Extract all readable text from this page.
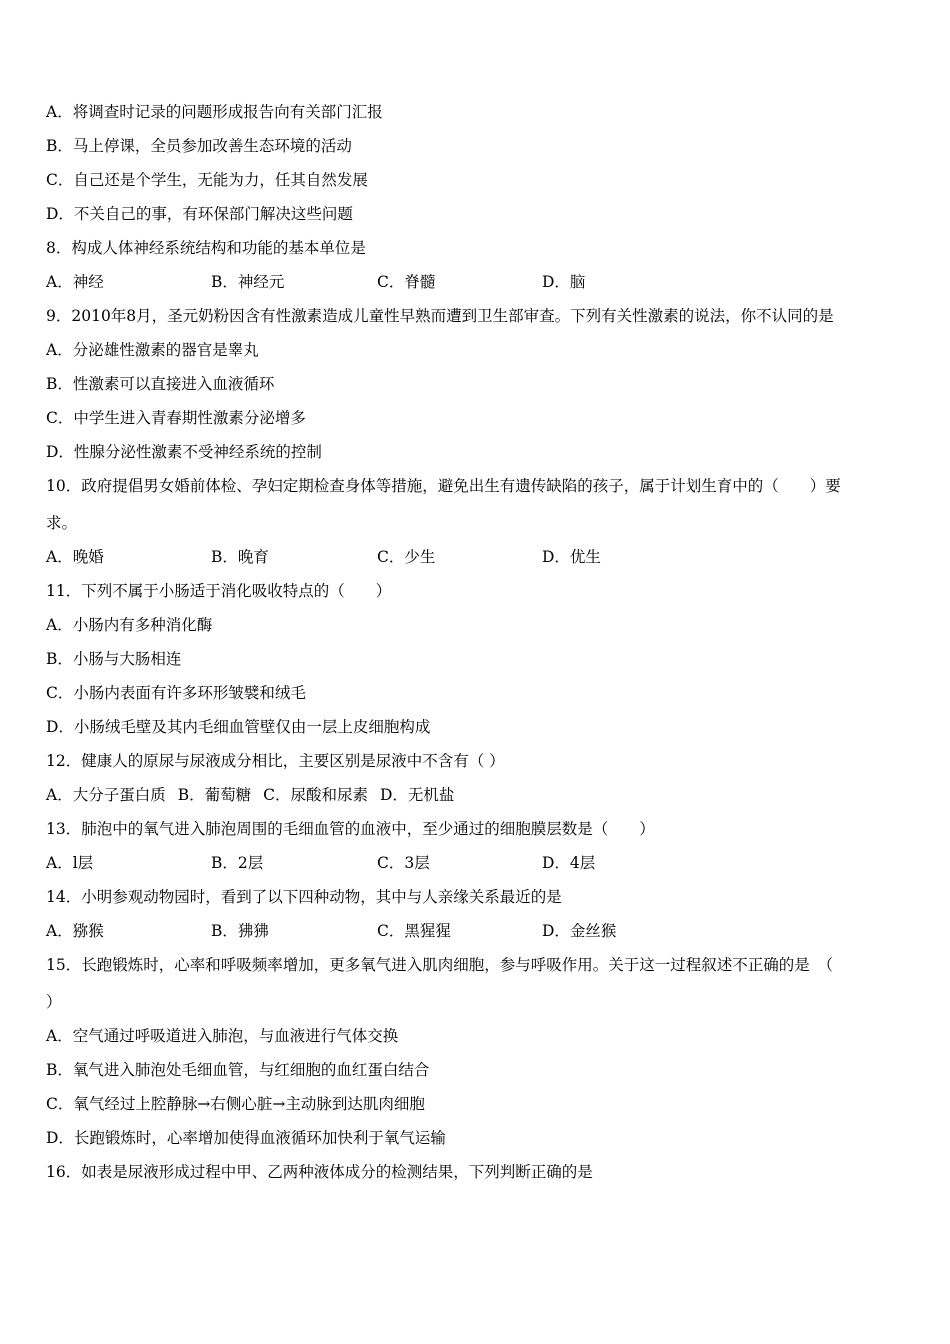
A．将调查时记录的问题形成报告向有关部门汇报
B．马上停课，全员参加改善生态环境的活动
C．自己还是个学生，无能为力，任其自然发展
D．不关自己的事，有环保部门解决这些问题
8．构成人体神经系统结构和功能的基本单位是
A．神经	B．神经元	C．脊髓	D．脑
9．2010年8月，圣元奶粉因含有性激素造成儿童性早熟而遭到卫生部审查。下列有关性激素的说法，你不认同的是
A．分泌雄性激素的器官是睾丸
B．性激素可以直接进入血液循环
C．中学生进入青春期性激素分泌增多
D．性腺分泌性激素不受神经系统的控制
10．政府提倡男女婚前体检、孕妇定期检查身体等措施，避免出生有遗传缺陷的孩子，属于计划生育中的（　　）要
求。
A．晚婚	B．晚育	C．少生	D．优生
11．下列不属于小肠适于消化吸收特点的（　　）
A．小肠内有多种消化酶
B．小肠与大肠相连
C．小肠内表面有许多环形皱襞和绒毛
D．小肠绒毛壁及其内毛细血管壁仅由一层上皮细胞构成
12．健康人的原尿与尿液成分相比，主要区别是尿液中不含有（ ）
A．大分子蛋白质 B．葡萄糖 C．尿酸和尿素 D．无机盐
13．肺泡中的氧气进入肺泡周围的毛细血管的血液中，至少通过的细胞膜层数是（　　）
A．l层	B．2层	C．3层	D．4层
14．小明参观动物园时，看到了以下四种动物，其中与人亲缘关系最近的是
A．猕猴	B．狒狒	C．黑猩猩	D．金丝猴
15．长跑锻炼时，心率和呼吸频率增加，更多氧气进入肌肉细胞，参与呼吸作用。关于这一过程叙述不正确的是　（
）
A．空气通过呼吸道进入肺泡，与血液进行气体交换
B．氧气进入肺泡处毛细血管，与红细胞的血红蛋白结合
C．氧气经过上腔静脉→右侧心脏→主动脉到达肌肉细胞
D．长跑锻炼时，心率增加使得血液循环加快利于氧气运输
16．如表是尿液形成过程中甲、乙两种液体成分的检测结果，下列判断正确的是
